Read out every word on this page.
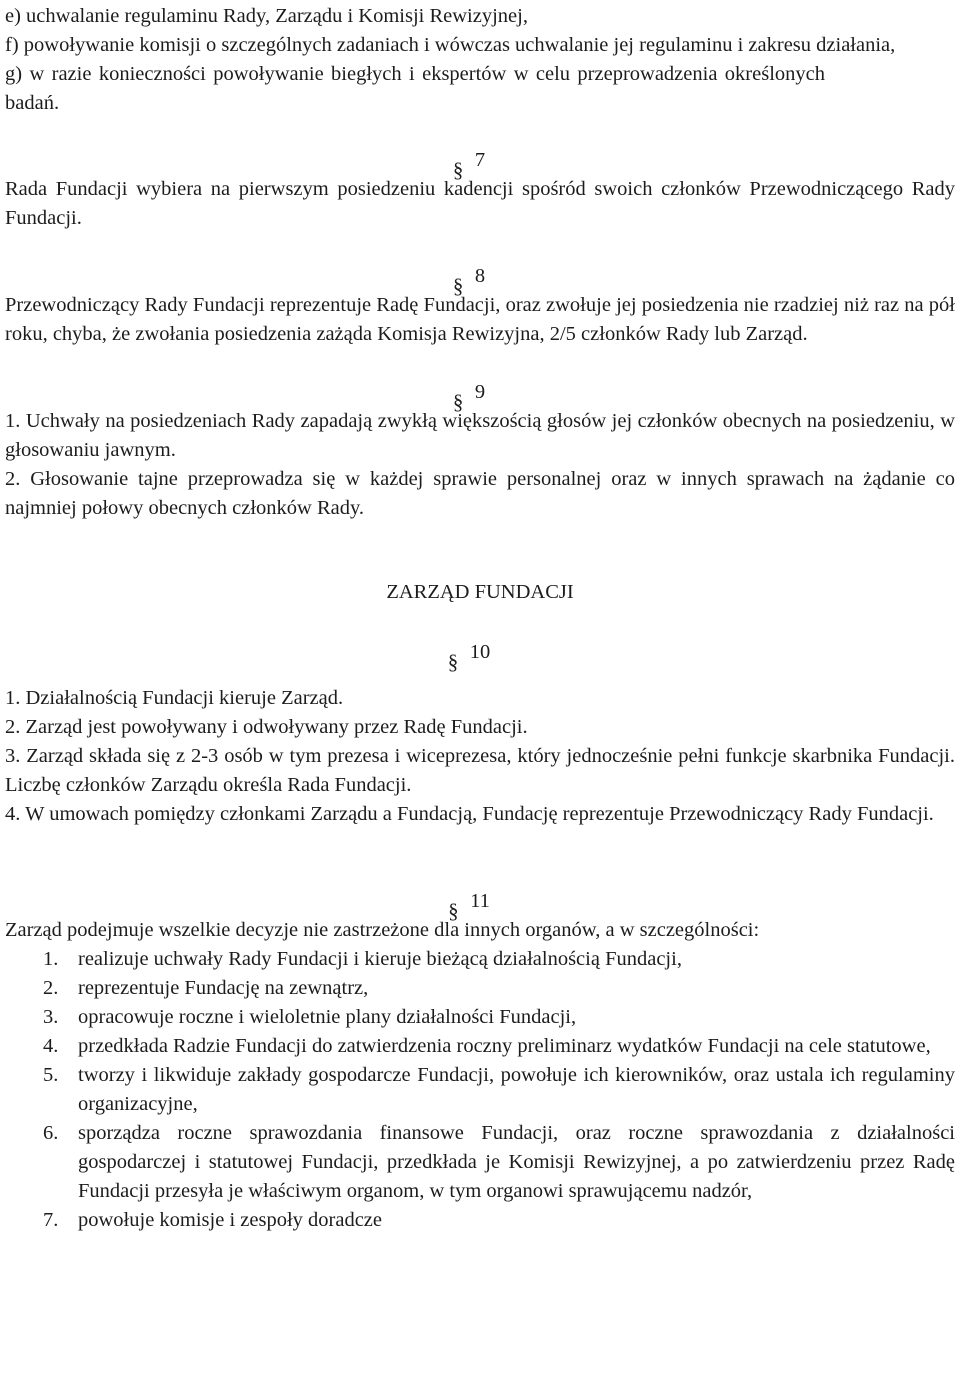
e) uchwalanie regulaminu Rady, Zarządu i Komisji Rewizyjnej,
f) powoływanie komisji o szczególnych zadaniach i wówczas uchwalanie jej regulaminu i zakresu działania,
g) w razie konieczności powoływanie biegłych i ekspertów w celu przeprowadzenia określonych badań.
§ 7
Rada Fundacji wybiera na pierwszym posiedzeniu kadencji spośród swoich członków Przewodniczącego Rady Fundacji.
§ 8
Przewodniczący Rady Fundacji reprezentuje Radę Fundacji, oraz zwołuje jej posiedzenia nie rzadziej niż raz na pół roku, chyba, że zwołania posiedzenia zażąda Komisja Rewizyjna, 2/5 członków Rady lub Zarząd.
§ 9
1. Uchwały na posiedzeniach Rady zapadają zwykłą większością głosów jej członków obecnych na posiedzeniu, w głosowaniu jawnym.
2. Głosowanie tajne przeprowadza się w każdej sprawie personalnej oraz w innych sprawach na żądanie co najmniej połowy obecnych członków Rady.
ZARZĄD FUNDACJI
§ 10
1. Działalnością Fundacji kieruje Zarząd.
2. Zarząd jest powoływany i odwoływany przez Radę Fundacji.
3. Zarząd składa się z 2-3 osób w tym prezesa i wiceprezesa, który jednocześnie pełni funkcje skarbnika Fundacji. Liczbę członków Zarządu określa Rada Fundacji.
4. W umowach pomiędzy członkami Zarządu a Fundacją, Fundację reprezentuje Przewodniczący Rady Fundacji.
§ 11
Zarząd podejmuje wszelkie decyzje nie zastrzeżone dla innych organów, a w szczególności:
1. realizuje uchwały Rady Fundacji i kieruje bieżącą działalnością Fundacji,
2. reprezentuje Fundację na zewnątrz,
3. opracowuje roczne i wieloletnie plany działalności Fundacji,
4. przedkłada Radzie Fundacji do zatwierdzenia roczny preliminarz wydatków Fundacji na cele statutowe,
5. tworzy i likwiduje zakłady gospodarcze Fundacji, powołuje ich kierowników, oraz ustala ich regulaminy organizacyjne,
6. sporządza roczne sprawozdania finansowe Fundacji, oraz roczne sprawozdania z działalności gospodarczej i statutowej Fundacji, przedkłada je Komisji Rewizyjnej, a po zatwierdzeniu przez Radę Fundacji przesyła je właściwym organom, w tym organowi sprawującemu nadzór,
7. powołuje komisje i zespoły doradcze
